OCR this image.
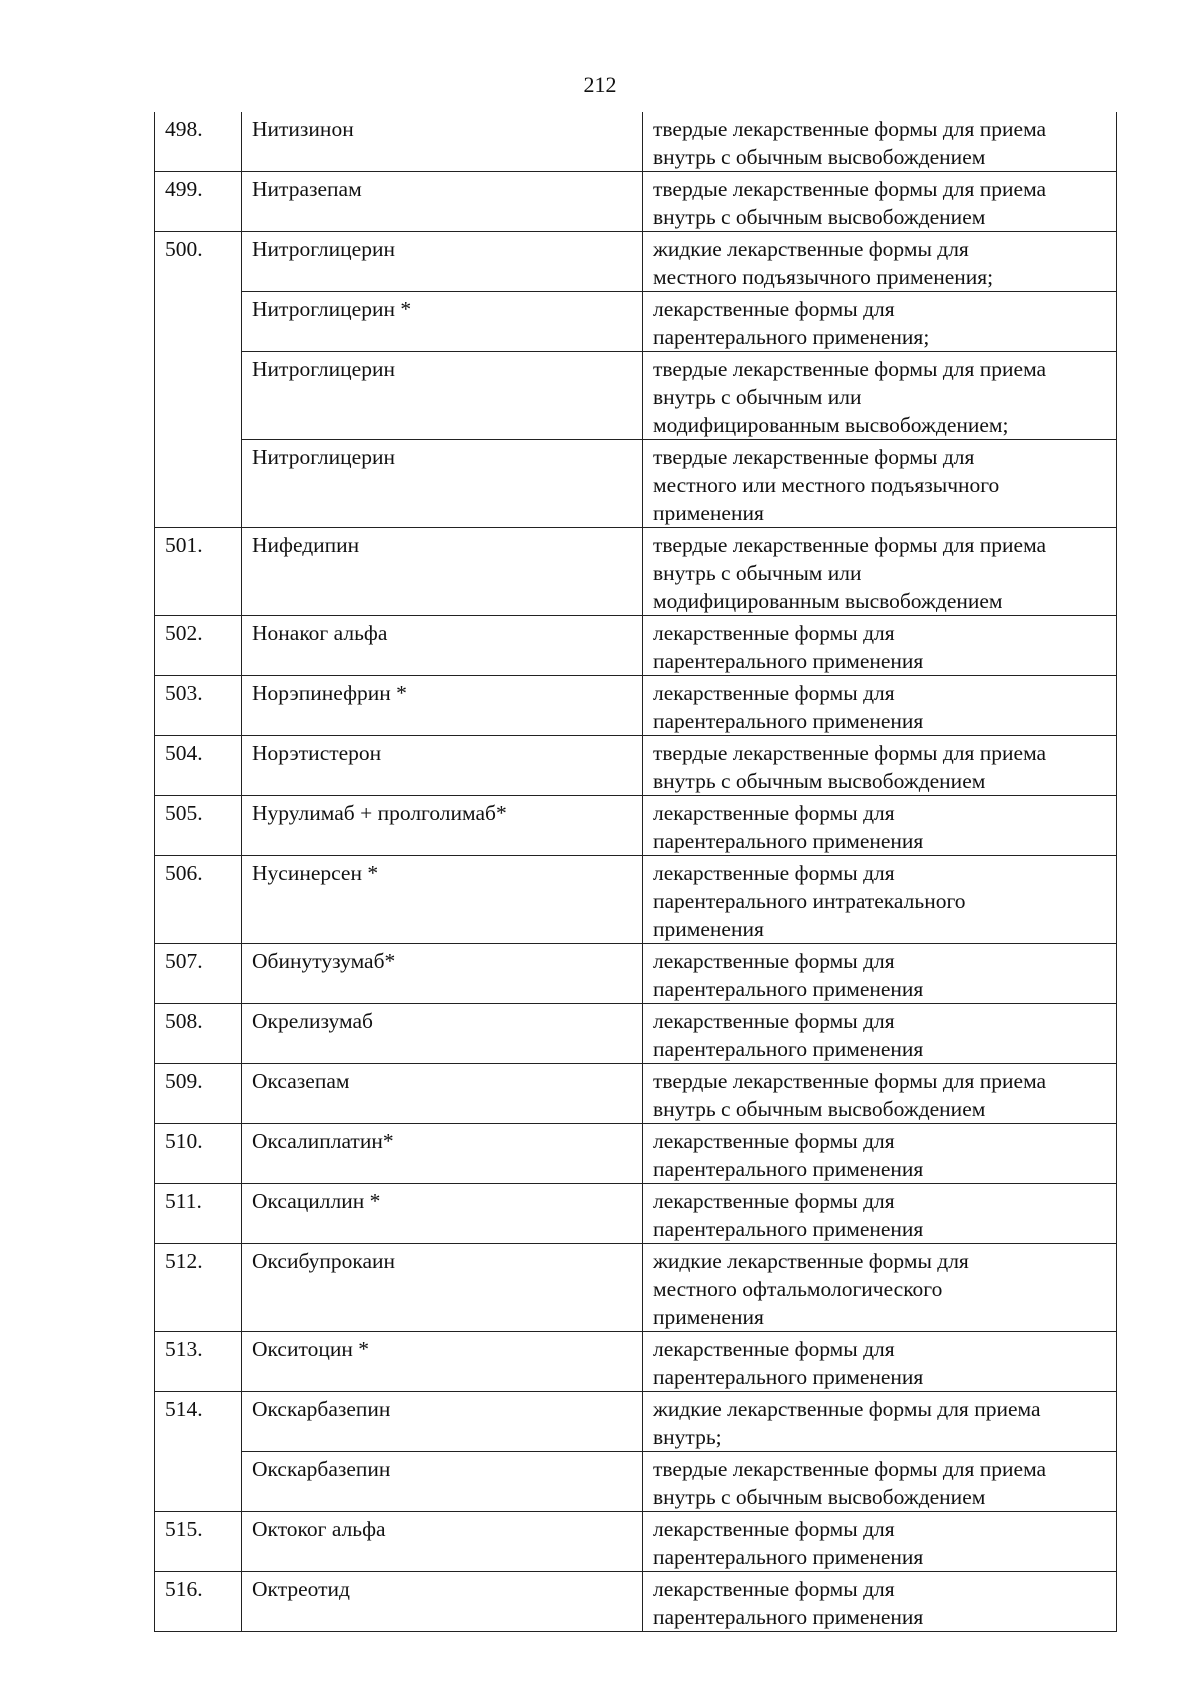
212
498.	Нитизинон	твердые лекарственные формы для приема
внутрь с обычным высвобождением
499.	Нитразепам	твердые лекарственные формы для приема
внутрь с обычным высвобождением
500.	Нитроглицерин	жидкие лекарственные формы для
местного подъязычного применения;
	Нитроглицерин *	лекарственные формы для
парентерального применения;
	Нитроглицерин	твердые лекарственные формы для приема
внутрь с обычным или
модифицированным высвобождением;
	Нитроглицерин	твердые лекарственные формы для
местного или местного подъязычного
применения
501.	Нифедипин	твердые лекарственные формы для приема
внутрь с обычным или
модифицированным высвобождением
502.	Нонаког альфа	лекарственные формы для
парентерального применения
503.	Норэпинефрин *	лекарственные формы для
парентерального применения
504.	Норэтистерон	твердые лекарственные формы для приема
внутрь с обычным высвобождением
505.	Нурулимаб + пролголимаб*	лекарственные формы для
парентерального применения
506.	Нусинерсен *	лекарственные формы для
парентерального интратекального
применения
507.	Обинутузумаб*	лекарственные формы для
парентерального применения
508.	Окрелизумаб	лекарственные формы для
парентерального применения
509.	Оксазепам	твердые лекарственные формы для приема
внутрь с обычным высвобождением
510.	Оксалиплатин*	лекарственные формы для
парентерального применения
511.	Оксациллин *	лекарственные формы для
парентерального применения
512.	Оксибупрокаин	жидкие лекарственные формы для
местного офтальмологического
применения
513.	Окситоцин *	лекарственные формы для
парентерального применения
514.	Окскарбазепин	жидкие лекарственные формы для приема
внутрь;
	Окскарбазепин	твердые лекарственные формы для приема
внутрь с обычным высвобождением
515.	Октоког альфа	лекарственные формы для
парентерального применения
516.	Октреотид	лекарственные формы для
парентерального применения
